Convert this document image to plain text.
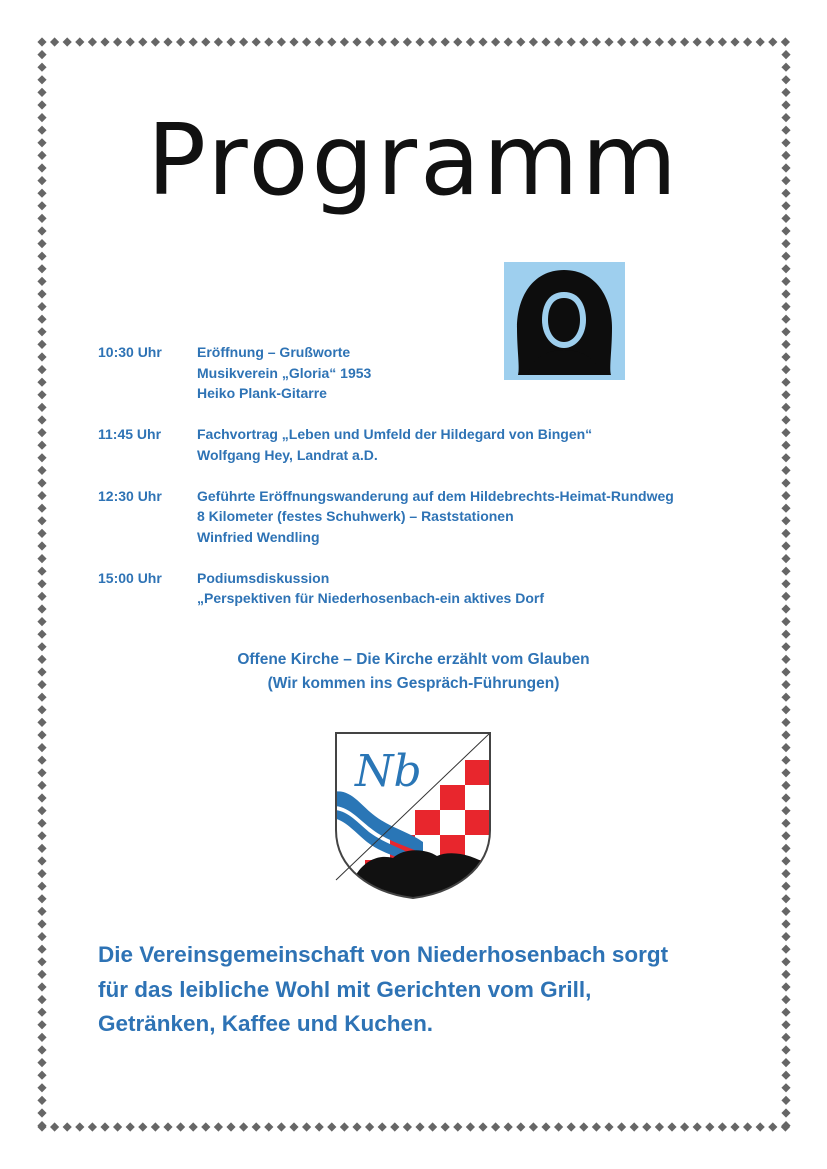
Programm
10:30 Uhr	Eröffnung – Grußworte
Musikverein „Gloria“ 1953
Heiko Plank-Gitarre
11:45 Uhr	Fachvortrag „Leben und Umfeld der Hildegard von Bingen“
Wolfgang Hey, Landrat a.D.
12:30 Uhr	Geführte Eröffnungswanderung auf dem Hildebrechts-Heimat-Rundweg
8 Kilometer (festes Schuhwerk) – Raststationen
Winfried Wendling
15:00 Uhr	Podiumsdiskussion
„Perspektiven für Niederhosenbach-ein aktives Dorf
Offene Kirche – Die Kirche erzählt vom Glauben
(Wir kommen ins Gespräch-Führungen)
Nb
Die Vereinsgemeinschaft von Niederhosenbach sorgt
für das leibliche Wohl mit Gerichten vom Grill,
Getränken, Kaffee und Kuchen.
